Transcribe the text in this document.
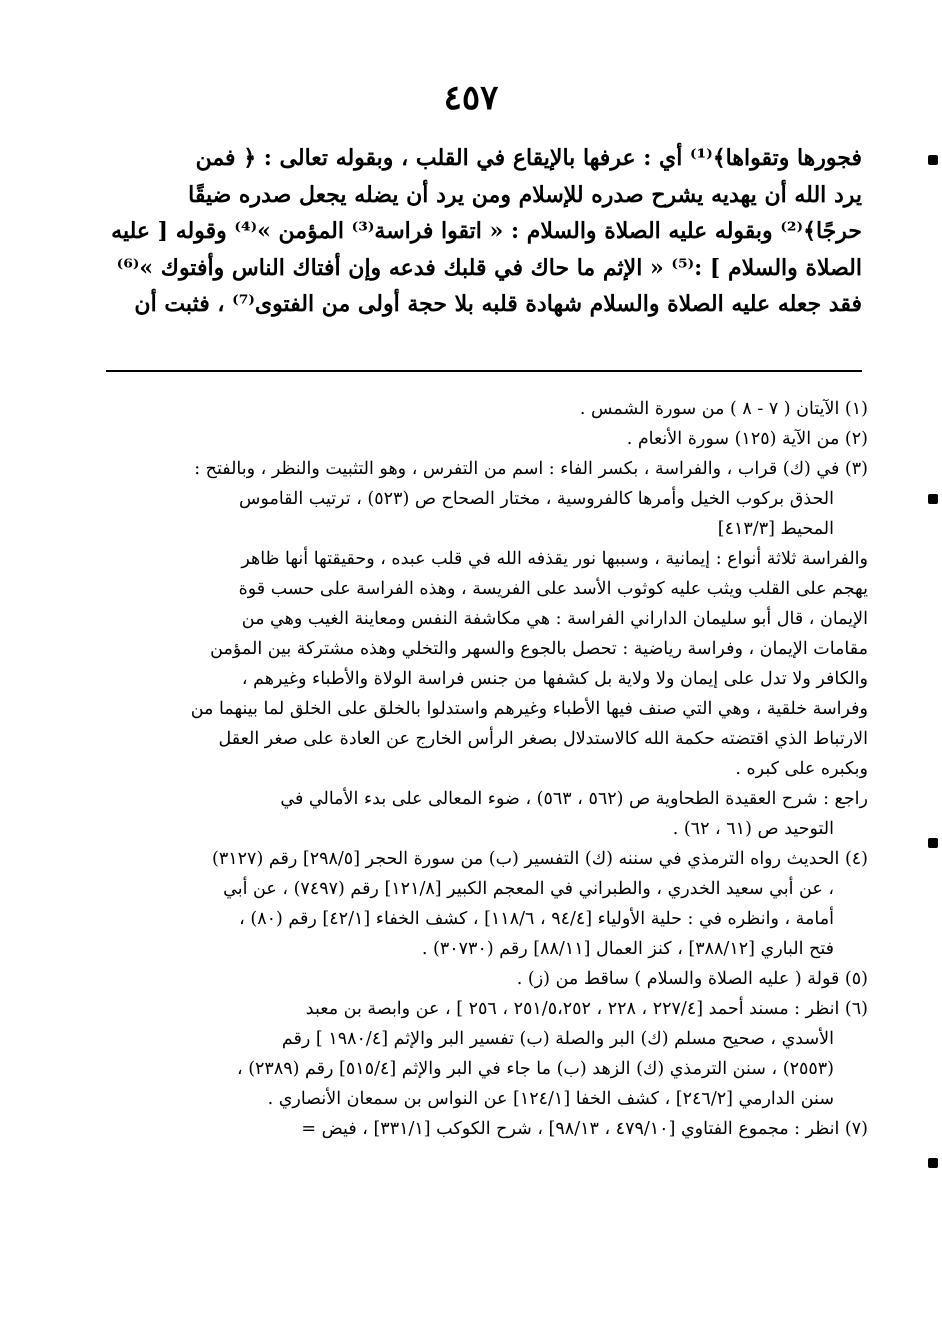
٤٥٧
فجورها وتقواها﴾⁽¹⁾ أي : عرفها بالإيقاع في القلب ، وبقوله تعالى : ﴿ فمن
يرد الله أن يهديه يشرح صدره للإسلام ومن يرد أن يضله يجعل صدره ضيقًا
حرجًا﴾⁽²⁾ وبقوله عليه الصلاة والسلام : « اتقوا فراسة⁽³⁾ المؤمن »⁽⁴⁾ وقوله [ عليه
الصلاة والسلام ] :⁽⁵⁾ « الإثم ما حاك في قلبك فدعه وإن أفتاك الناس وأفتوك »⁽⁶⁾
فقد جعله عليه الصلاة والسلام شهادة قلبه بلا حجة أولى من الفتوى⁽⁷⁾ ، فثبت أن
(١) الآيتان ( ٧ - ٨ ) من سورة الشمس .
(٢) من الآية (١٢٥) سورة الأنعام .
(٣) في (ك) قراب ، والفراسة ، بكسر الفاء : اسم من التفرس ، وهو التثبيت والنظر ، وبالفتح :
الحذق بركوب الخيل وأمرها كالفروسية ، مختار الصحاح ص (٥٢٣) ، ترتيب القاموس
المحيط [٤١٣/٣]
والفراسة ثلاثة أنواع : إيمانية ، وسببها نور يقذفه الله في قلب عبده ، وحقيقتها أنها ظاهر
يهجم على القلب ويثب عليه كوثوب الأسد على الفريسة ، وهذه الفراسة على حسب قوة
الإيمان ، قال أبو سليمان الداراني الفراسة : هي مكاشفة النفس ومعاينة الغيب وهي من
مقامات الإيمان ، وفراسة رياضية : تحصل بالجوع والسهر والتخلي وهذه مشتركة بين المؤمن
والكافر ولا تدل على إيمان ولا ولاية بل كشفها من جنس فراسة الولاة والأطباء وغيرهم ،
وفراسة خلقية ، وهي التي صنف فيها الأطباء وغيرهم واستدلوا بالخلق على الخلق لما بينهما من
الارتباط الذي اقتضته حكمة الله كالاستدلال بصغر الرأس الخارج عن العادة على صغر العقل
وبكبره على كبره .
راجع : شرح العقيدة الطحاوية ص (٥٦٢ ، ٥٦٣) ، ضوء المعالى على بدء الأمالي في
التوحيد ص (٦١ ، ٦٢) .
(٤) الحديث رواه الترمذي في سننه (ك) التفسير (ب) من سورة الحجر [٢٩٨/٥] رقم (٣١٢٧)
، عن أبي سعيد الخدري ، والطبراني في المعجم الكبير [١٢١/٨] رقم (٧٤٩٧) ، عن أبي
أمامة ، وانظره في : حلية الأولياء [٩٤/٤ ، ١١٨/٦] ، كشف الخفاء [٤٢/١] رقم (٨٠) ،
فتح الباري [٣٨٨/١٢] ، كنز العمال [٨٨/١١] رقم (٣٠٧٣٠) .
(٥) قولة ( عليه الصلاة والسلام ) ساقط من (ز) .
(٦) انظر : مسند أحمد [٢٢٧/٤ ، ٢٢٨ ، ٢٥١/٥،٢٥٢ ، ٢٥٦ ] ، عن وابصة بن معبد
الأسدي ، صحيح مسلم (ك) البر والصلة (ب) تفسير البر والإثم [١٩٨٠/٤ ] رقم
(٢٥٥٣) ، سنن الترمذي (ك) الزهد (ب) ما جاء في البر والإثم [٥١٥/٤] رقم (٢٣٨٩) ،
سنن الدارمي [٢٤٦/٢] ، كشف الخفا [١٢٤/١] عن النواس بن سمعان الأنصاري .
(٧) انظر : مجموع الفتاوي [٤٧٩/١٠ ، ٩٨/١٣] ، شرح الكوكب [٣٣١/١] ، فيض =
